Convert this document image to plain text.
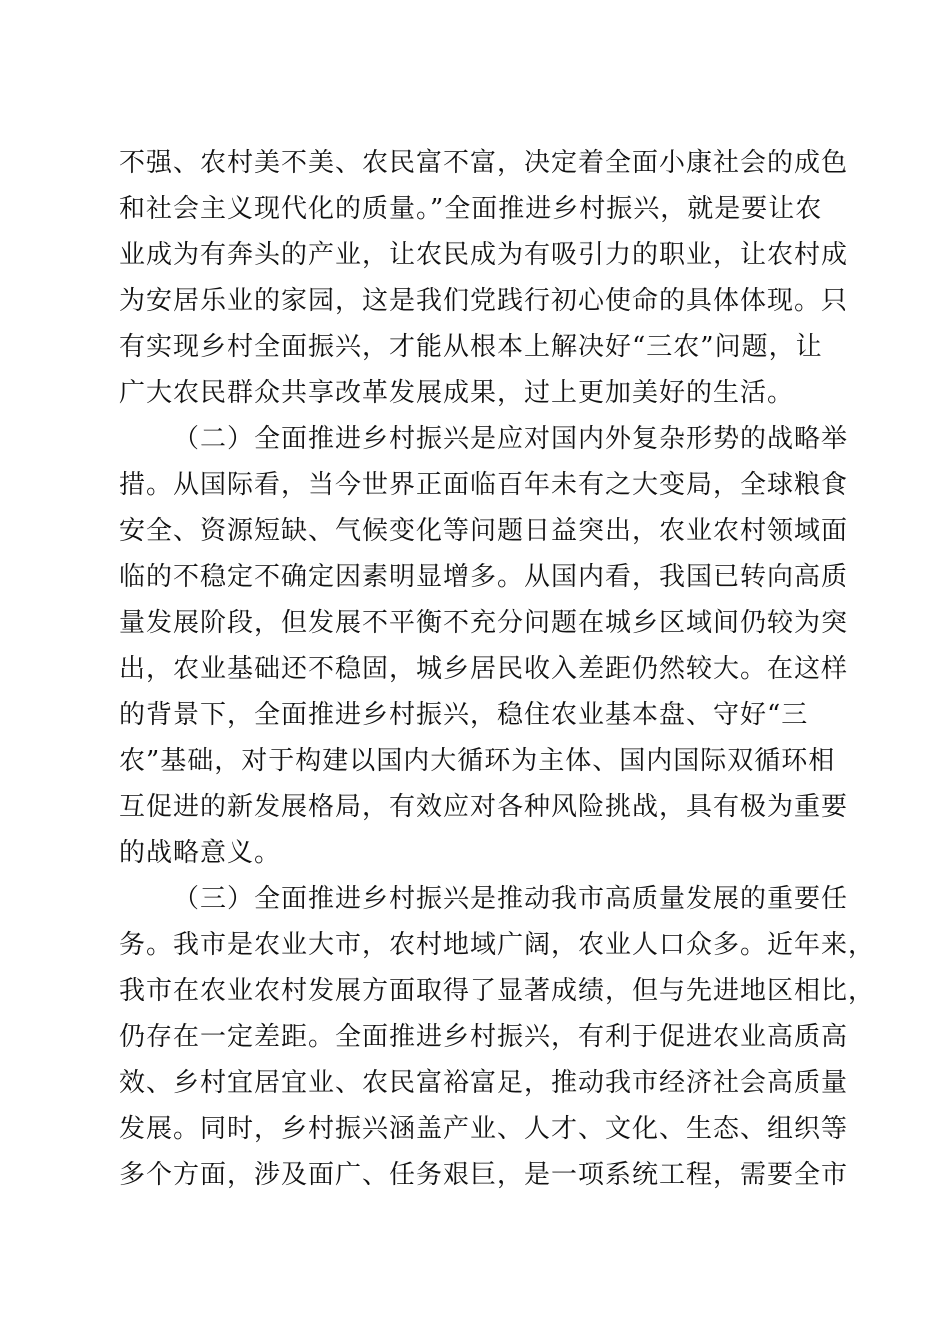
不强、农村美不美、农民富不富，决定着全面小康社会的成色
和社会主义现代化的质量。”全面推进乡村振兴，就是要让农
业成为有奔头的产业，让农民成为有吸引力的职业，让农村成
为安居乐业的家园，这是我们党践行初心使命的具体体现。只
有实现乡村全面振兴，才能从根本上解决好“三农”问题，让
广大农民群众共享改革发展成果，过上更加美好的生活。
（二）全面推进乡村振兴是应对国内外复杂形势的战略举
措。从国际看，当今世界正面临百年未有之大变局，全球粮食
安全、资源短缺、气候变化等问题日益突出，农业农村领域面
临的不稳定不确定因素明显增多。从国内看，我国已转向高质
量发展阶段，但发展不平衡不充分问题在城乡区域间仍较为突
出，农业基础还不稳固，城乡居民收入差距仍然较大。在这样
的背景下，全面推进乡村振兴，稳住农业基本盘、守好“三
农”基础，对于构建以国内大循环为主体、国内国际双循环相
互促进的新发展格局，有效应对各种风险挑战，具有极为重要
的战略意义。
（三）全面推进乡村振兴是推动我市高质量发展的重要任
务。我市是农业大市，农村地域广阔，农业人口众多。近年来，
我市在农业农村发展方面取得了显著成绩，但与先进地区相比，
仍存在一定差距。全面推进乡村振兴，有利于促进农业高质高
效、乡村宜居宜业、农民富裕富足，推动我市经济社会高质量
发展。同时，乡村振兴涵盖产业、人才、文化、生态、组织等
多个方面，涉及面广、任务艰巨，是一项系统工程，需要全市
